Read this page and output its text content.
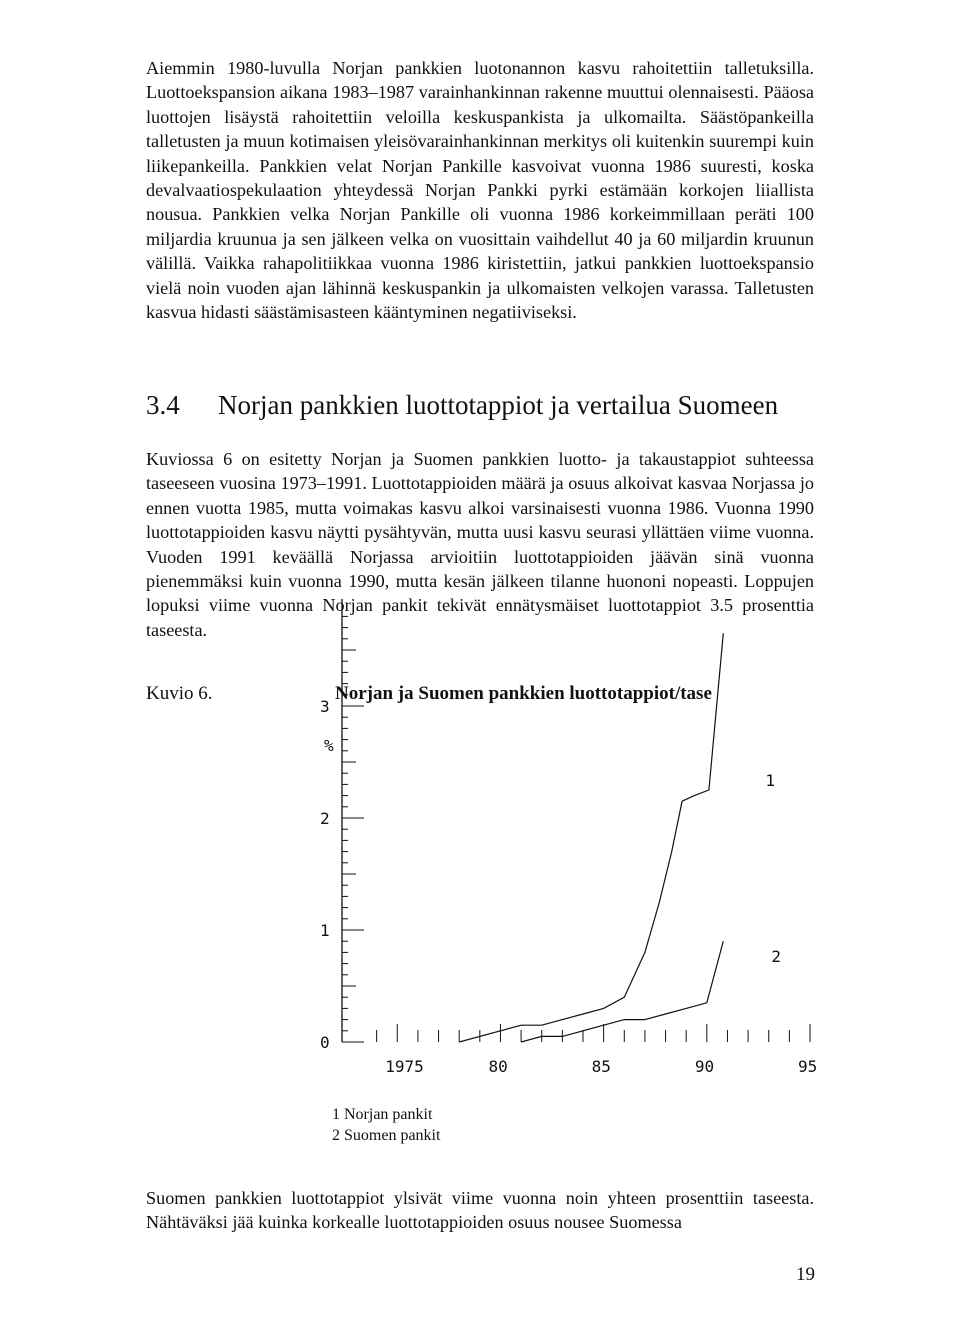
Aiemmin 1980-luvulla Norjan pankkien luotonannon kasvu rahoitettiin talletuksilla. Luottoekspansion aikana 1983–1987 varainhankinnan rakenne muuttui olennaisesti. Pääosa luottojen lisäystä rahoitettiin veloilla keskuspankista ja ulkomailta. Säästöpankeilla talletusten ja muun kotimaisen yleisövarainhankinnan merkitys oli kuitenkin suurempi kuin liikepankeilla. Pankkien velat Norjan Pankille kasvoivat vuonna 1986 suuresti, koska devalvaatiospekulaation yhteydessä Norjan Pankki pyrki estämään korkojen liiallista nousua. Pankkien velka Norjan Pankille oli vuonna 1986 korkeimmillaan peräti 100 miljardia kruunua ja sen jälkeen velka on vuosittain vaihdellut 40 ja 60 miljardin kruunun välillä. Vaikka rahapolitiikkaa vuonna 1986 kiristettiin, jatkui pankkien luottoekspansio vielä noin vuoden ajan lähinnä keskuspankin ja ulkomaisten velkojen varassa. Talletusten kasvua hidasti säästämisasteen kääntyminen negatiiviseksi.

3.4 Norjan pankkien luottotappiot ja vertailua Suomeen

Kuviossa 6 on esitetty Norjan ja Suomen pankkien luotto- ja takaustappiot suhteessa taseeseen vuosina 1973–1991. Luottotappioiden määrä ja osuus alkoivat kasvaa Norjassa jo ennen vuotta 1985, mutta voimakas kasvu alkoi varsinaisesti vuonna 1986. Vuonna 1990 luottotappioiden kasvu näytti pysähtyvän, mutta uusi kasvu seurasi yllättäen viime vuonna. Vuoden 1991 keväällä Norjassa arvioitiin luottotappioiden jäävän sinä vuonna pienemmäksi kuin vuonna 1990, mutta kesän jälkeen tilanne huononi nopeasti. Loppujen lopuksi viime vuonna Norjan pankit tekivät ennätysmäiset luottotappiot 3.5 prosenttia taseesta.

Kuvio 6.	Norjan ja Suomen pankkien luottotappiot/tase
%
0
1
2
3
1975	80	85	90	95
1
2
1 Norjan pankit
2 Suomen pankit

Suomen pankkien luottotappiot ylsivät viime vuonna noin yhteen prosenttiin taseesta. Nähtäväksi jää kuinka korkealle luottotappioiden osuus nousee Suomessa

19
